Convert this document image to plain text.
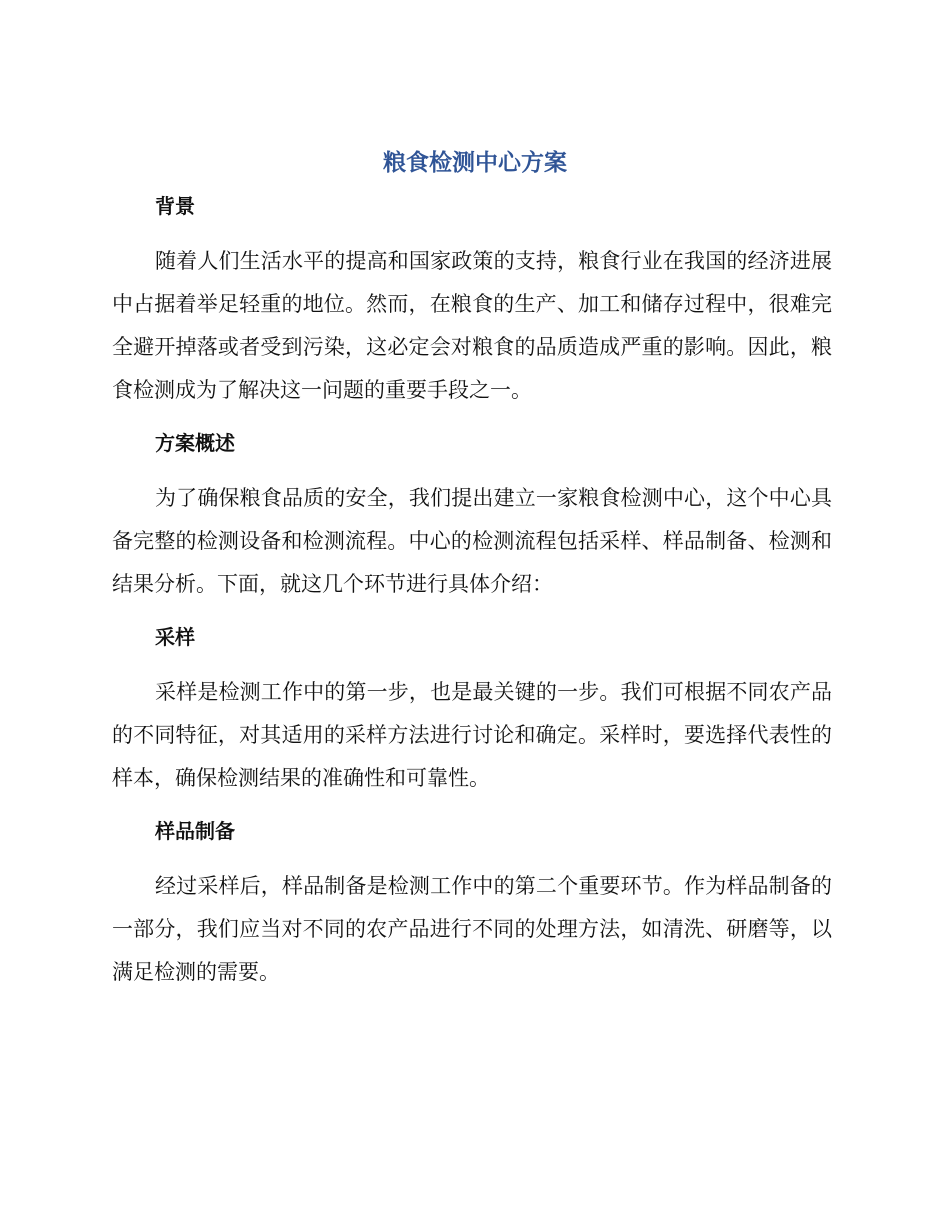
粮食检测中心方案
背景

随着人们生活水平的提高和国家政策的支持，粮食行业在我国的经济进展中占据着举足轻重的地位。然而，在粮食的生产、加工和储存过程中，很难完全避开掉落或者受到污染，这必定会对粮食的品质造成严重的影响。因此，粮食检测成为了解决这一问题的重要手段之一。

方案概述

为了确保粮食品质的安全，我们提出建立一家粮食检测中心，这个中心具备完整的检测设备和检测流程。中心的检测流程包括采样、样品制备、检测和结果分析。下面，就这几个环节进行具体介绍：

采样

采样是检测工作中的第一步，也是最关键的一步。我们可根据不同农产品的不同特征，对其适用的采样方法进行讨论和确定。采样时，要选择代表性的样本，确保检测结果的准确性和可靠性。

样品制备

经过采样后，样品制备是检测工作中的第二个重要环节。作为样品制备的一部分，我们应当对不同的农产品进行不同的处理方法，如清洗、研磨等，以满足检测的需要。
